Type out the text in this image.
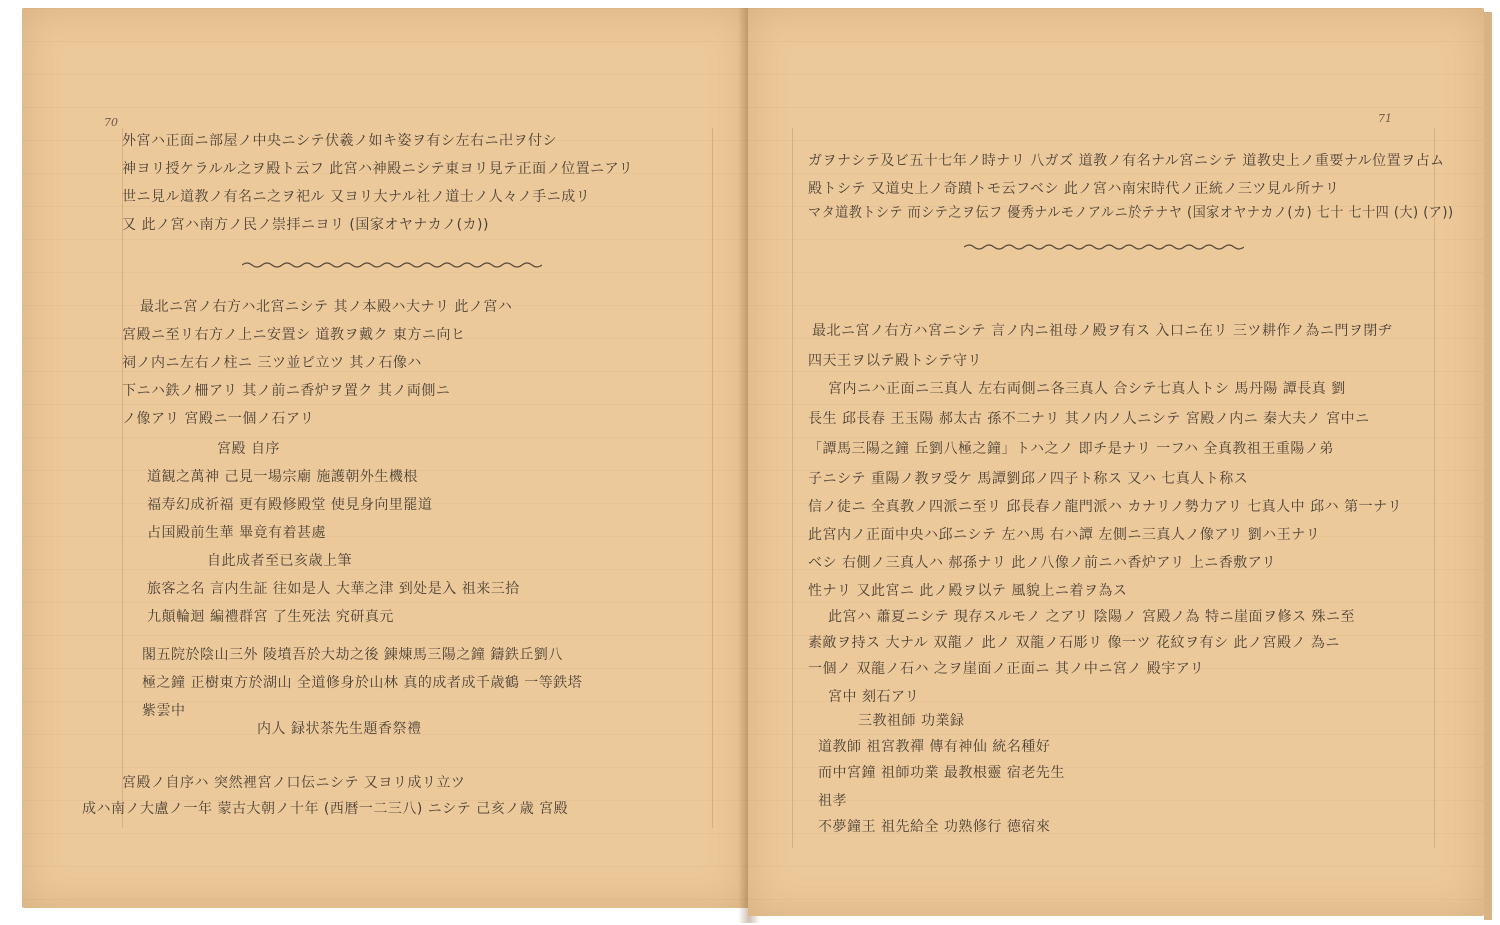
70
外宮ハ正面ニ部屋ノ中央ニシテ伏羲ノ如キ姿ヲ有シ左右ニ卍ヲ付シ
神ヨリ授ケラルル之ヲ殿ト云フ 此宮ハ神殿ニシテ東ヨリ見テ正面ノ位置ニアリ
世ニ見ル道教ノ有名ニ之ヲ祀ル 又ヨリ大ナル社ノ道士ノ人々ノ手ニ成リ
又 此ノ宮ハ南方ノ民ノ崇拝ニヨリ (国家オヤナカノ(カ))
最北ニ宮ノ右方ハ北宮ニシテ 其ノ本殿ハ大ナリ 此ノ宮ハ
宮殿ニ至リ右方ノ上ニ安置シ 道教ヲ戴ク 東方ニ向ヒ
祠ノ内ニ左右ノ柱ニ 三ツ並ビ立ツ 其ノ石像ハ
下ニハ鉄ノ柵アリ 其ノ前ニ香炉ヲ置ク 其ノ両側ニ
ノ像アリ 宮殿ニ一個ノ石アリ
宮殿 自序
道観之萬神 己見一場宗廟 施護朝外生機根
福寿幻成祈福 更有殿修殿堂 使見身向里罷道
占国殿前生華 畢竟有着甚處
自此成者至已亥歳上筆
旅客之名 言内生証 往如是人 大華之津 到处是入 祖来三拾
九顛輪迴 編禮群宮 了生死法 究研真元
閣五院於陰山三外 陵墳吾於大劫之後 錬煉馬三陽之鐘 鑄鉄丘劉八
極之鐘 正樹東方於湖山 全道修身於山林 真的成者成千歳鶴 一等鉄塔
紫雲中
内人 録状茶先生題香祭禮
宮殿ノ自序ハ 突然裡宮ノ口伝ニシテ 又ヨリ成リ立ツ
成ハ南ノ大盧ノ一年 蒙古大朝ノ十年 (西暦一二三八) ニシテ 己亥ノ歳 宮殿
71
ガヲナシテ及ビ五十七年ノ時ナリ 八ガズ 道教ノ有名ナル宮ニシテ 道教史上ノ重要ナル位置ヲ占ム
殿トシテ 又道史上ノ奇蹟トモ云フベシ 此ノ宮ハ南宋時代ノ正統ノ三ツ見ル所ナリ
マタ道教トシテ 而シテ之ヲ伝フ 優秀ナルモノアルニ於テナヤ (国家オヤナカノ(カ) 七十 七十四 (大) (ア))
最北ニ宮ノ右方ハ宮ニシテ 言ノ内ニ祖母ノ殿ヲ有ス 入口ニ在リ 三ツ耕作ノ為ニ門ヲ閉ヂ
四天王ヲ以テ殿トシテ守リ
宮内ニハ正面ニ三真人 左右両側ニ各三真人 合シテ七真人トシ 馬丹陽 譚長真 劉
長生 邱長春 王玉陽 郝太古 孫不二ナリ 其ノ内ノ人ニシテ 宮殿ノ内ニ 秦大夫ノ 宮中ニ
「譚馬三陽之鐘 丘劉八極之鐘」トハ之ノ 即チ是ナリ 一フハ 全真教祖王重陽ノ弟
子ニシテ 重陽ノ教ヲ受ケ 馬譚劉邱ノ四子ト称ス 又ハ 七真人ト称ス
信ノ徒ニ 全真教ノ四派ニ至リ 邱長春ノ龍門派ハ カナリノ勢力アリ 七真人中 邱ハ 第一ナリ
此宮内ノ正面中央ハ邱ニシテ 左ハ馬 右ハ譚 左側ニ三真人ノ像アリ 劉ハ王ナリ
ベシ 右側ノ三真人ハ 郝孫ナリ 此ノ八像ノ前ニハ香炉アリ 上ニ香敷アリ
性ナリ 又此宮ニ 此ノ殿ヲ以テ 風貌上ニ着ヲ為ス
此宮ハ 蕭夏ニシテ 現存スルモノ 之アリ 陰陽ノ 宮殿ノ為 特ニ崖面ヲ修ス 殊ニ至
素敵ヲ持ス 大ナル 双龍ノ 此ノ 双龍ノ石彫リ 像一ツ 花紋ヲ有シ 此ノ宮殿ノ 為ニ
一個ノ 双龍ノ石ハ 之ヲ崖面ノ正面ニ 其ノ中ニ宮ノ 殿宇アリ
宮中 刻石アリ
三教祖師 功業録
道教師 祖宮教禪 傳有神仙 統名種好
而中宮鐘 祖師功業 最教根靈 宿老先生
祖孝
不夢鐘王 祖先給全 功熟修行 德宿來
